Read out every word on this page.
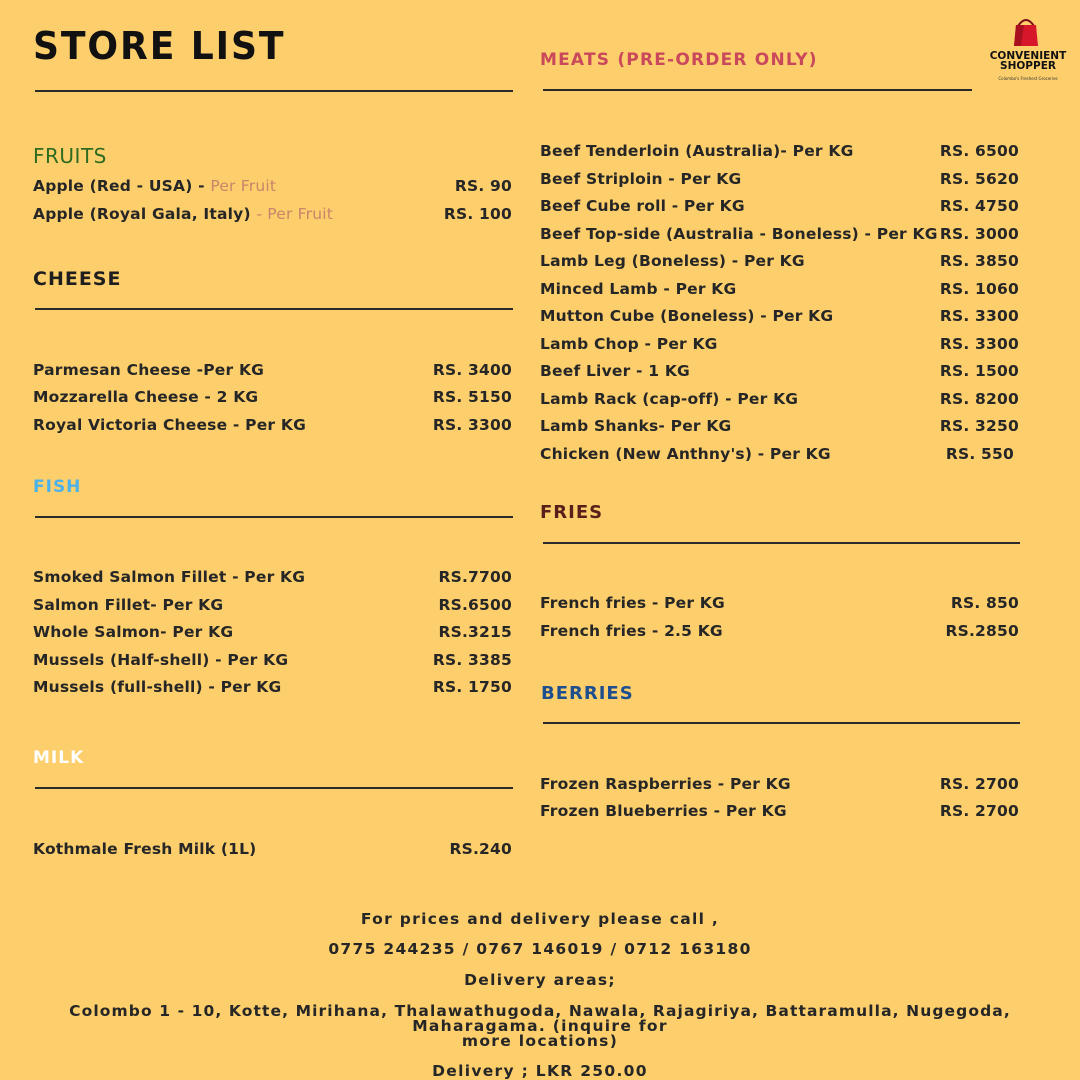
STORE LIST	CONVENIENT
SHOPPER
Colombo's Freshest Groceries
FRUITS
Apple (Red - USA) - Per Fruit	RS. 90
Apple (Royal Gala, Italy) - Per Fruit	RS. 100
CHEESE
Parmesan Cheese -Per KG	RS. 3400
Mozzarella Cheese - 2 KG	RS. 5150
Royal Victoria Cheese - Per KG	RS. 3300
FISH
Smoked Salmon Fillet - Per KG	RS.7700
Salmon Fillet- Per KG	RS.6500
Whole Salmon- Per KG	RS.3215
Mussels (Half-shell) - Per KG	RS. 3385
Mussels (full-shell) - Per KG	RS. 1750
MILK
Kothmale Fresh Milk (1L)	RS.240
MEATS (PRE-ORDER ONLY)
Beef Tenderloin (Australia)- Per KG	RS. 6500
Beef Striploin - Per KG	RS. 5620
Beef Cube roll - Per KG	RS. 4750
Beef Top-side (Australia - Boneless) - Per KG RS. 3000
Lamb Leg (Boneless) - Per KG	RS. 3850
Minced Lamb - Per KG	RS. 1060
Mutton Cube (Boneless) - Per KG	RS. 3300
Lamb Chop - Per KG	RS. 3300
Beef Liver - 1 KG	RS. 1500
Lamb Rack (cap-off) - Per KG	RS. 8200
Lamb Shanks- Per KG	RS. 3250
Chicken (New Anthny's) - Per KG	RS. 550
FRIES
French fries - Per KG	RS. 850
French fries - 2.5 KG	RS.2850
BERRIES
Frozen Raspberries - Per KG	RS. 2700
Frozen Blueberries - Per KG	RS. 2700
For prices and delivery please call ,
0775 244235 / 0767 146019 / 0712 163180
Delivery areas;
Colombo 1 - 10, Kotte, Mirihana, Thalawathugoda, Nawala, Rajagiriya, Battaramulla, Nugegoda,
Maharagama. (inquire for
more locations)
Delivery ; LKR 250.00
